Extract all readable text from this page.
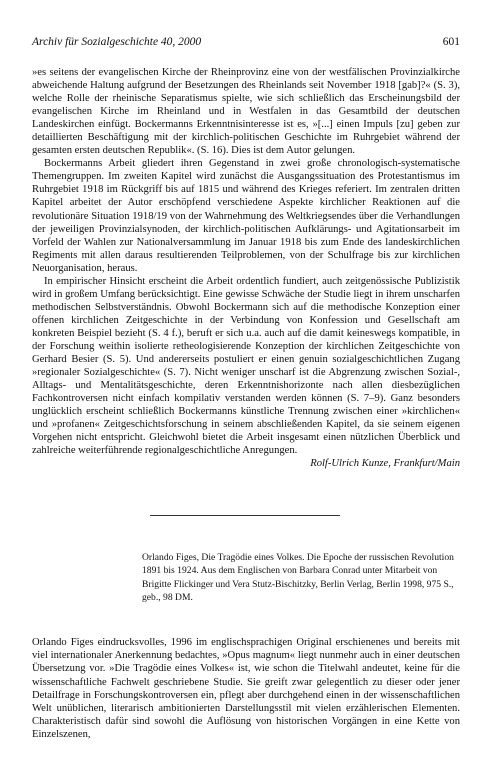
Archiv für Sozialgeschichte 40, 2000	601

»es seitens der evangelischen Kirche der Rheinprovinz eine von der westfälischen Provinzialkirche abweichende Haltung aufgrund der Besetzungen des Rheinlands seit November 1918 [gab]?« (S. 3), welche Rolle der rheinische Separatismus spielte, wie sich schließlich das Erscheinungsbild der evangelischen Kirche im Rheinland und in Westfalen in das Gesamtbild der deutschen Landeskirchen einfügt. Bockermanns Erkenntnisinteresse ist es, »[...] einen Impuls [zu] geben zur detaillierten Beschäftigung mit der kirchlich-politischen Geschichte im Ruhrgebiet während der gesamten ersten deutschen Republik«. (S. 16). Dies ist dem Autor gelungen.

Bockermanns Arbeit gliedert ihren Gegenstand in zwei große chronologisch-systematische Themengruppen. Im zweiten Kapitel wird zunächst die Ausgangssituation des Protestantismus im Ruhrgebiet 1918 im Rückgriff bis auf 1815 und während des Krieges referiert. Im zentralen dritten Kapitel arbeitet der Autor erschöpfend verschiedene Aspekte kirchlicher Reaktionen auf die revolutionäre Situation 1918/19 von der Wahrnehmung des Weltkriegsendes über die Verhandlungen der jeweiligen Provinzialsynoden, der kirchlich-politischen Aufklärungs- und Agitationsarbeit im Vorfeld der Wahlen zur Nationalversammlung im Januar 1918 bis zum Ende des landeskirchlichen Regiments mit allen daraus resultierenden Teilproblemen, von der Schulfrage bis zur kirchlichen Neuorganisation, heraus.

In empirischer Hinsicht erscheint die Arbeit ordentlich fundiert, auch zeitgenössische Publizistik wird in großem Umfang berücksichtigt. Eine gewisse Schwäche der Studie liegt in ihrem unscharfen methodischen Selbstverständnis. Obwohl Bockermann sich auf die methodische Konzeption einer offenen kirchlichen Zeitgeschichte in der Verbindung von Konfession und Gesellschaft am konkreten Beispiel bezieht (S. 4 f.), beruft er sich u.a. auch auf die damit keineswegs kompatible, in der Forschung weithin isolierte retheologisierende Konzeption der kirchlichen Zeitgeschichte von Gerhard Besier (S. 5). Und andererseits postuliert er einen genuin sozialgeschichtlichen Zugang »regionaler Sozialgeschichte« (S. 7). Nicht weniger unscharf ist die Abgrenzung zwischen Sozial-, Alltags- und Mentalitätsgeschichte, deren Erkenntnishorizonte nach allen diesbezüglichen Fachkontroversen nicht einfach kompilativ verstanden werden können (S. 7–9). Ganz besonders unglücklich erscheint schließlich Bockermanns künstliche Trennung zwischen einer »kirchlichen« und »profanen« Zeitgeschichtsforschung in seinem abschließenden Kapitel, da sie seinem eigenen Vorgehen nicht entspricht. Gleichwohl bietet die Arbeit insgesamt einen nützlichen Überblick und zahlreiche weiterführende regionalgeschichtliche Anregungen.

Rolf-Ulrich Kunze, Frankfurt/Main

Orlando Figes, Die Tragödie eines Volkes. Die Epoche der russischen Revolution 1891 bis 1924. Aus dem Englischen von Barbara Conrad unter Mitarbeit von Brigitte Flickinger und Vera Stutz-Bischitzky, Berlin Verlag, Berlin 1998, 975 S., geb., 98 DM.

Orlando Figes eindrucksvolles, 1996 im englischsprachigen Original erschienenes und bereits mit viel internationaler Anerkennung bedachtes, »Opus magnum« liegt nunmehr auch in einer deutschen Übersetzung vor. »Die Tragödie eines Volkes« ist, wie schon die Titelwahl andeutet, keine für die wissenschaftliche Fachwelt geschriebene Studie. Sie greift zwar gelegentlich zu dieser oder jener Detailfrage in Forschungskontroversen ein, pflegt aber durchgehend einen in der wissenschaftlichen Welt unüblichen, literarisch ambitionierten Darstellungsstil mit vielen erzählerischen Elementen. Charakteristisch dafür sind sowohl die Auflösung von historischen Vorgängen in eine Kette von Einzelszenen,
